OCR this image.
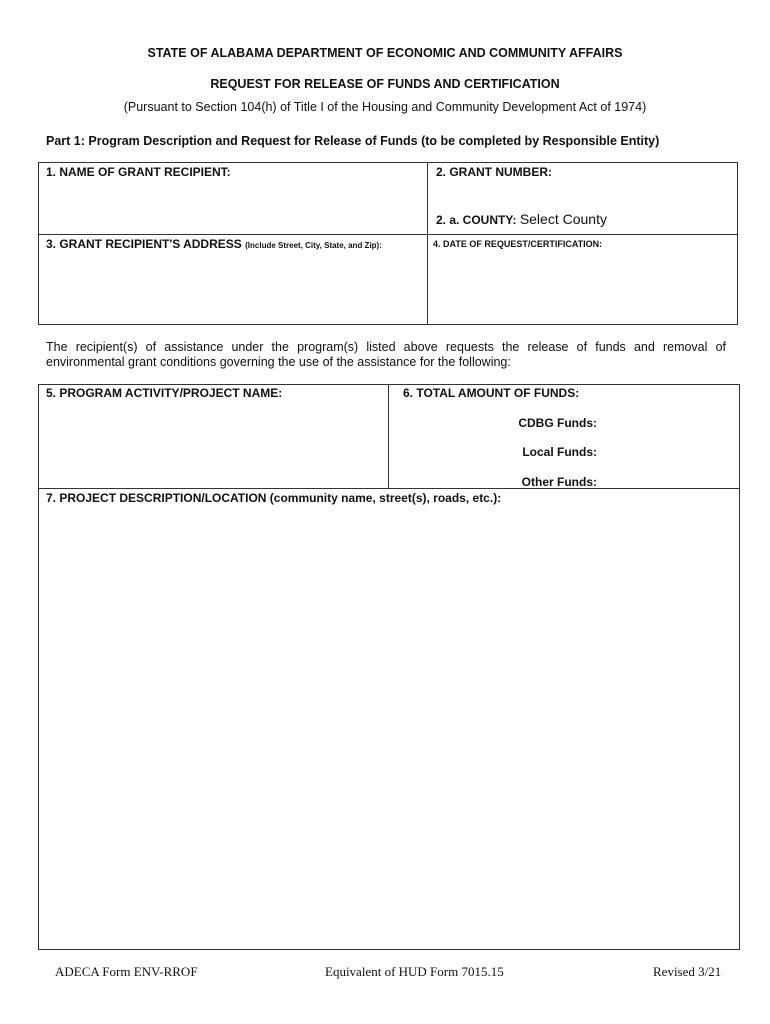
STATE OF ALABAMA DEPARTMENT OF ECONOMIC AND COMMUNITY AFFAIRS
REQUEST FOR RELEASE OF FUNDS AND CERTIFICATION
(Pursuant to Section 104(h) of Title I of the Housing and Community Development Act of 1974)
Part 1: Program Description and Request for Release of Funds (to be completed by Responsible Entity)
1. NAME OF GRANT RECIPIENT:	2. GRANT NUMBER:
2. a. COUNTY: Select County
3. GRANT RECIPIENT'S ADDRESS (Include Street, City, State, and Zip):	4. DATE OF REQUEST/CERTIFICATION:
The recipient(s) of assistance under the program(s) listed above requests the release of funds and removal of environmental grant conditions governing the use of the assistance for the following:
5. PROGRAM ACTIVITY/PROJECT NAME:	6. TOTAL AMOUNT OF FUNDS:
CDBG Funds:
Local Funds:
Other Funds:
7. PROJECT DESCRIPTION/LOCATION (community name, street(s), roads, etc.):
ADECA Form ENV-RROF	Equivalent of HUD Form 7015.15	Revised 3/21
